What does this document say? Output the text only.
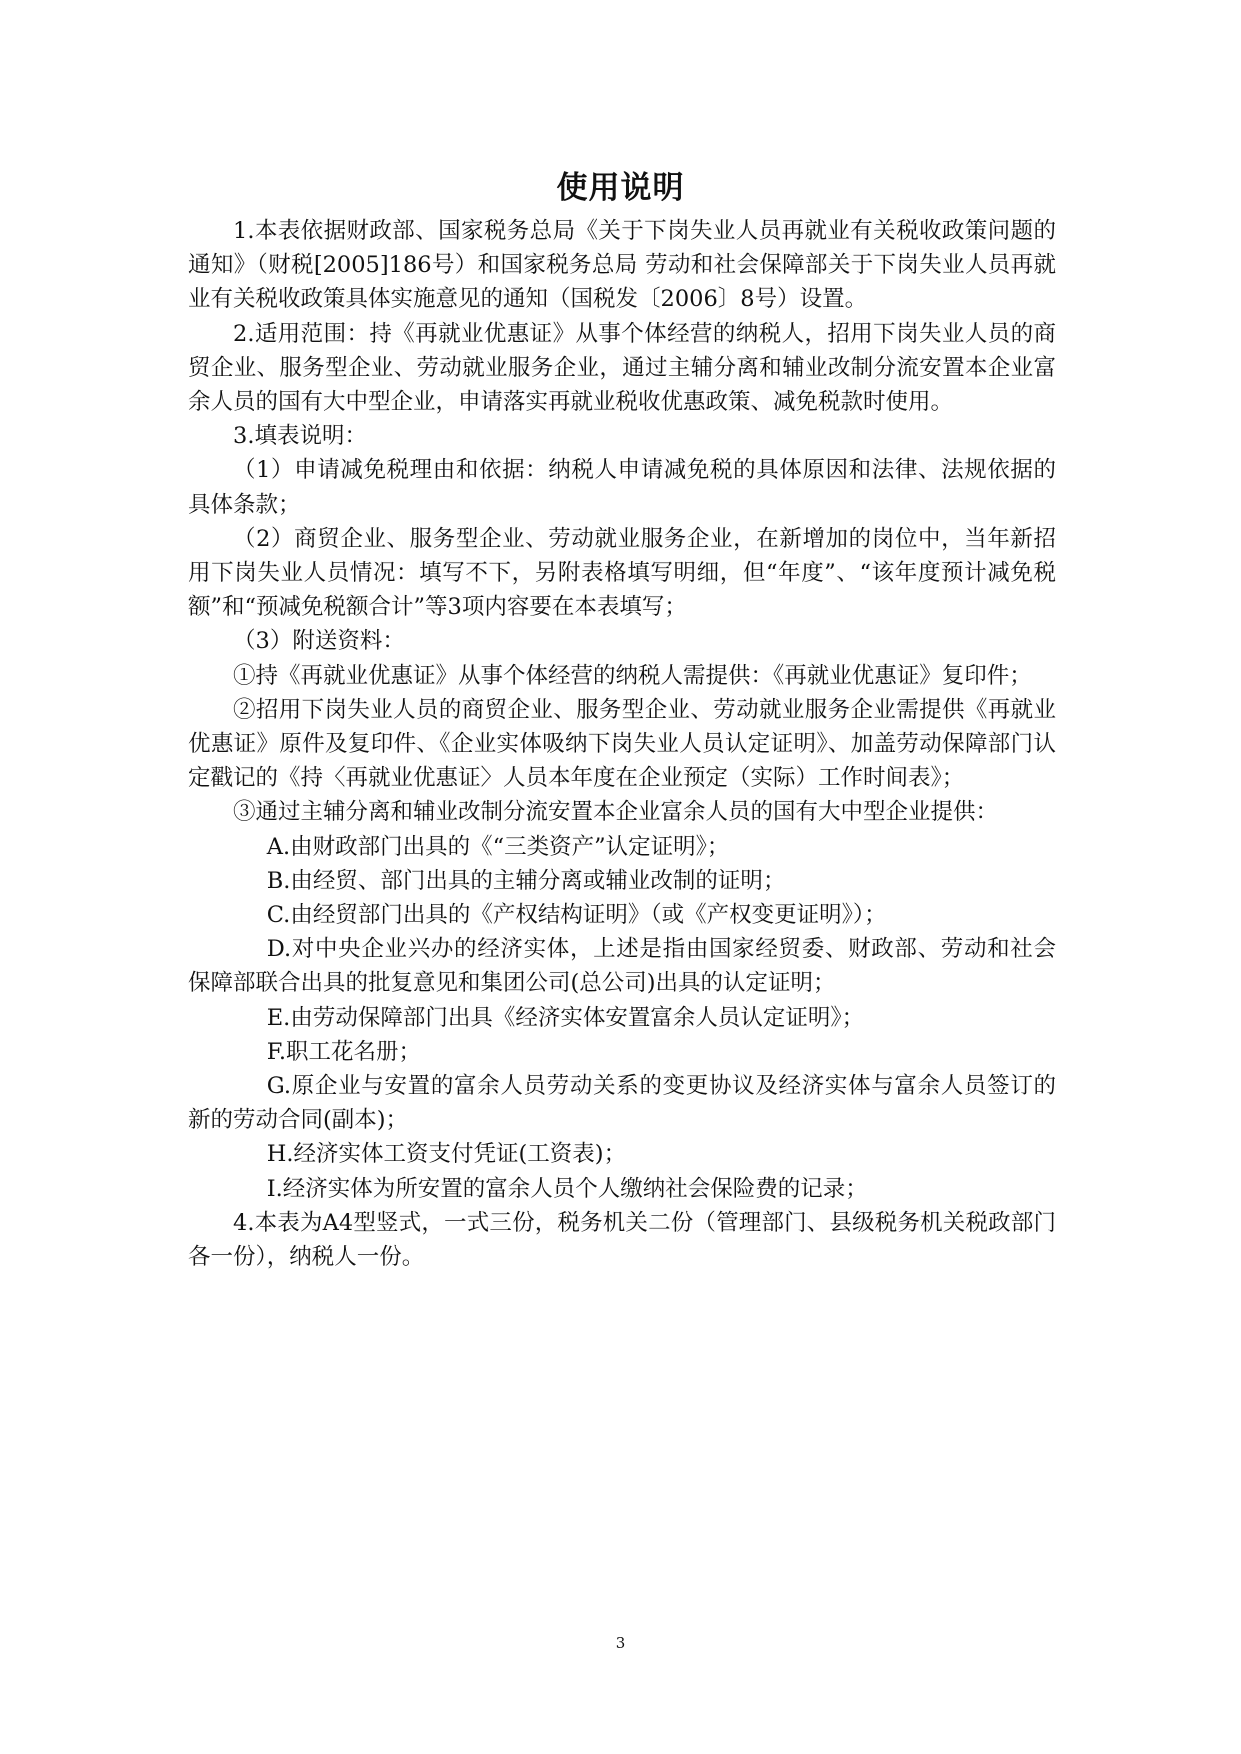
使用说明

1.本表依据财政部、国家税务总局《关于下岗失业人员再就业有关税收政策问题的通知》（财税[2005]186号）和国家税务总局 劳动和社会保障部关于下岗失业人员再就业有关税收政策具体实施意见的通知（国税发〔2006〕8号）设置。

2.适用范围：持《再就业优惠证》从事个体经营的纳税人，招用下岗失业人员的商贸企业、服务型企业、劳动就业服务企业，通过主辅分离和辅业改制分流安置本企业富余人员的国有大中型企业，申请落实再就业税收优惠政策、减免税款时使用。

3.填表说明：

（1）申请减免税理由和依据：纳税人申请减免税的具体原因和法律、法规依据的具体条款；

（2）商贸企业、服务型企业、劳动就业服务企业，在新增加的岗位中，当年新招用下岗失业人员情况：填写不下，另附表格填写明细，但“年度”、“该年度预计减免税额”和“预减免税额合计”等3项内容要在本表填写；

（3）附送资料：

①持《再就业优惠证》从事个体经营的纳税人需提供：《再就业优惠证》复印件；

②招用下岗失业人员的商贸企业、服务型企业、劳动就业服务企业需提供《再就业优惠证》原件及复印件、《企业实体吸纳下岗失业人员认定证明》、加盖劳动保障部门认定戳记的《持〈再就业优惠证〉人员本年度在企业预定（实际）工作时间表》；

③通过主辅分离和辅业改制分流安置本企业富余人员的国有大中型企业提供：

A.由财政部门出具的《“三类资产”认定证明》；

B.由经贸、部门出具的主辅分离或辅业改制的证明；

C.由经贸部门出具的《产权结构证明》（或《产权变更证明》）；

D.对中央企业兴办的经济实体，上述是指由国家经贸委、财政部、劳动和社会保障部联合出具的批复意见和集团公司(总公司)出具的认定证明；

E.由劳动保障部门出具《经济实体安置富余人员认定证明》；

F.职工花名册；

G.原企业与安置的富余人员劳动关系的变更协议及经济实体与富余人员签订的新的劳动合同(副本)；

H.经济实体工资支付凭证(工资表)；

I.经济实体为所安置的富余人员个人缴纳社会保险费的记录；

4.本表为A4型竖式，一式三份，税务机关二份（管理部门、县级税务机关税政部门各一份），纳税人一份。

3
